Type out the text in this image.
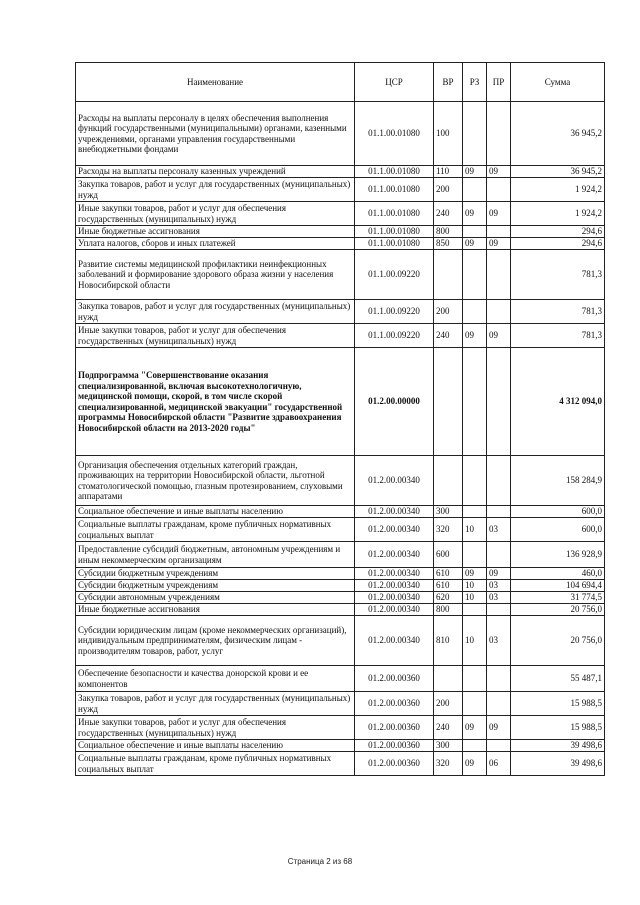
Наименование	ЦСР	ВР	РЗ	ПР	Сумма
Расходы на выплаты персоналу в целях обеспечения выполнения функций государственными (муниципальными) органами, казенными учреждениями, органами управления государственными внебюджетными фондами	01.1.00.01080	100			36 945,2
Расходы на выплаты персоналу казенных учреждений	01.1.00.01080	110	09	09	36 945,2
Закупка товаров, работ и услуг для государственных (муниципальных) нужд	01.1.00.01080	200			1 924,2
Иные закупки товаров, работ и услуг для обеспечения государственных (муниципальных) нужд	01.1.00.01080	240	09	09	1 924,2
Иные бюджетные ассигнования	01.1.00.01080	800			294,6
Уплата налогов, сборов и иных платежей	01.1.00.01080	850	09	09	294,6
Развитие системы медицинской профилактики неинфекционных заболеваний и формирование здорового образа жизни у населения Новосибирской области	01.1.00.09220				781,3
Закупка товаров, работ и услуг для государственных (муниципальных) нужд	01.1.00.09220	200			781,3
Иные закупки товаров, работ и услуг для обеспечения государственных (муниципальных) нужд	01.1.00.09220	240	09	09	781,3
Подпрограмма "Совершенствование оказания специализированной, включая высокотехнологичную, медицинской помощи, скорой, в том числе скорой специализированной, медицинской эвакуации" государственной программы Новосибирской области "Развитие здравоохранения Новосибирской области на 2013-2020 годы"	01.2.00.00000				4 312 094,0
Организация обеспечения отдельных категорий граждан, проживающих на территории Новосибирской области, льготной стоматологической помощью, глазным протезированием, слуховыми аппаратами	01.2.00.00340				158 284,9
Социальное обеспечение и иные выплаты населению	01.2.00.00340	300			600,0
Социальные выплаты гражданам, кроме публичных нормативных социальных выплат	01.2.00.00340	320	10	03	600,0
Предоставление субсидий бюджетным, автономным учреждениям и иным некоммерческим организациям	01.2.00.00340	600			136 928,9
Субсидии бюджетным учреждениям	01.2.00.00340	610	09	09	460,0
Субсидии бюджетным учреждениям	01.2.00.00340	610	10	03	104 694,4
Субсидии автономным учреждениям	01.2.00.00340	620	10	03	31 774,5
Иные бюджетные ассигнования	01.2.00.00340	800			20 756,0
Субсидии юридическим лицам (кроме некоммерческих организаций), индивидуальным предпринимателям, физическим лицам - производителям товаров, работ, услуг	01.2.00.00340	810	10	03	20 756,0
Обеспечение безопасности и качества донорской крови и ее компонентов	01.2.00.00360				55 487,1
Закупка товаров, работ и услуг для государственных (муниципальных) нужд	01.2.00.00360	200			15 988,5
Иные закупки товаров, работ и услуг для обеспечения государственных (муниципальных) нужд	01.2.00.00360	240	09	09	15 988,5
Социальное обеспечение и иные выплаты населению	01.2.00.00360	300			39 498,6
Социальные выплаты гражданам, кроме публичных нормативных социальных выплат	01.2.00.00360	320	09	06	39 498,6
Страница 2 из 68
